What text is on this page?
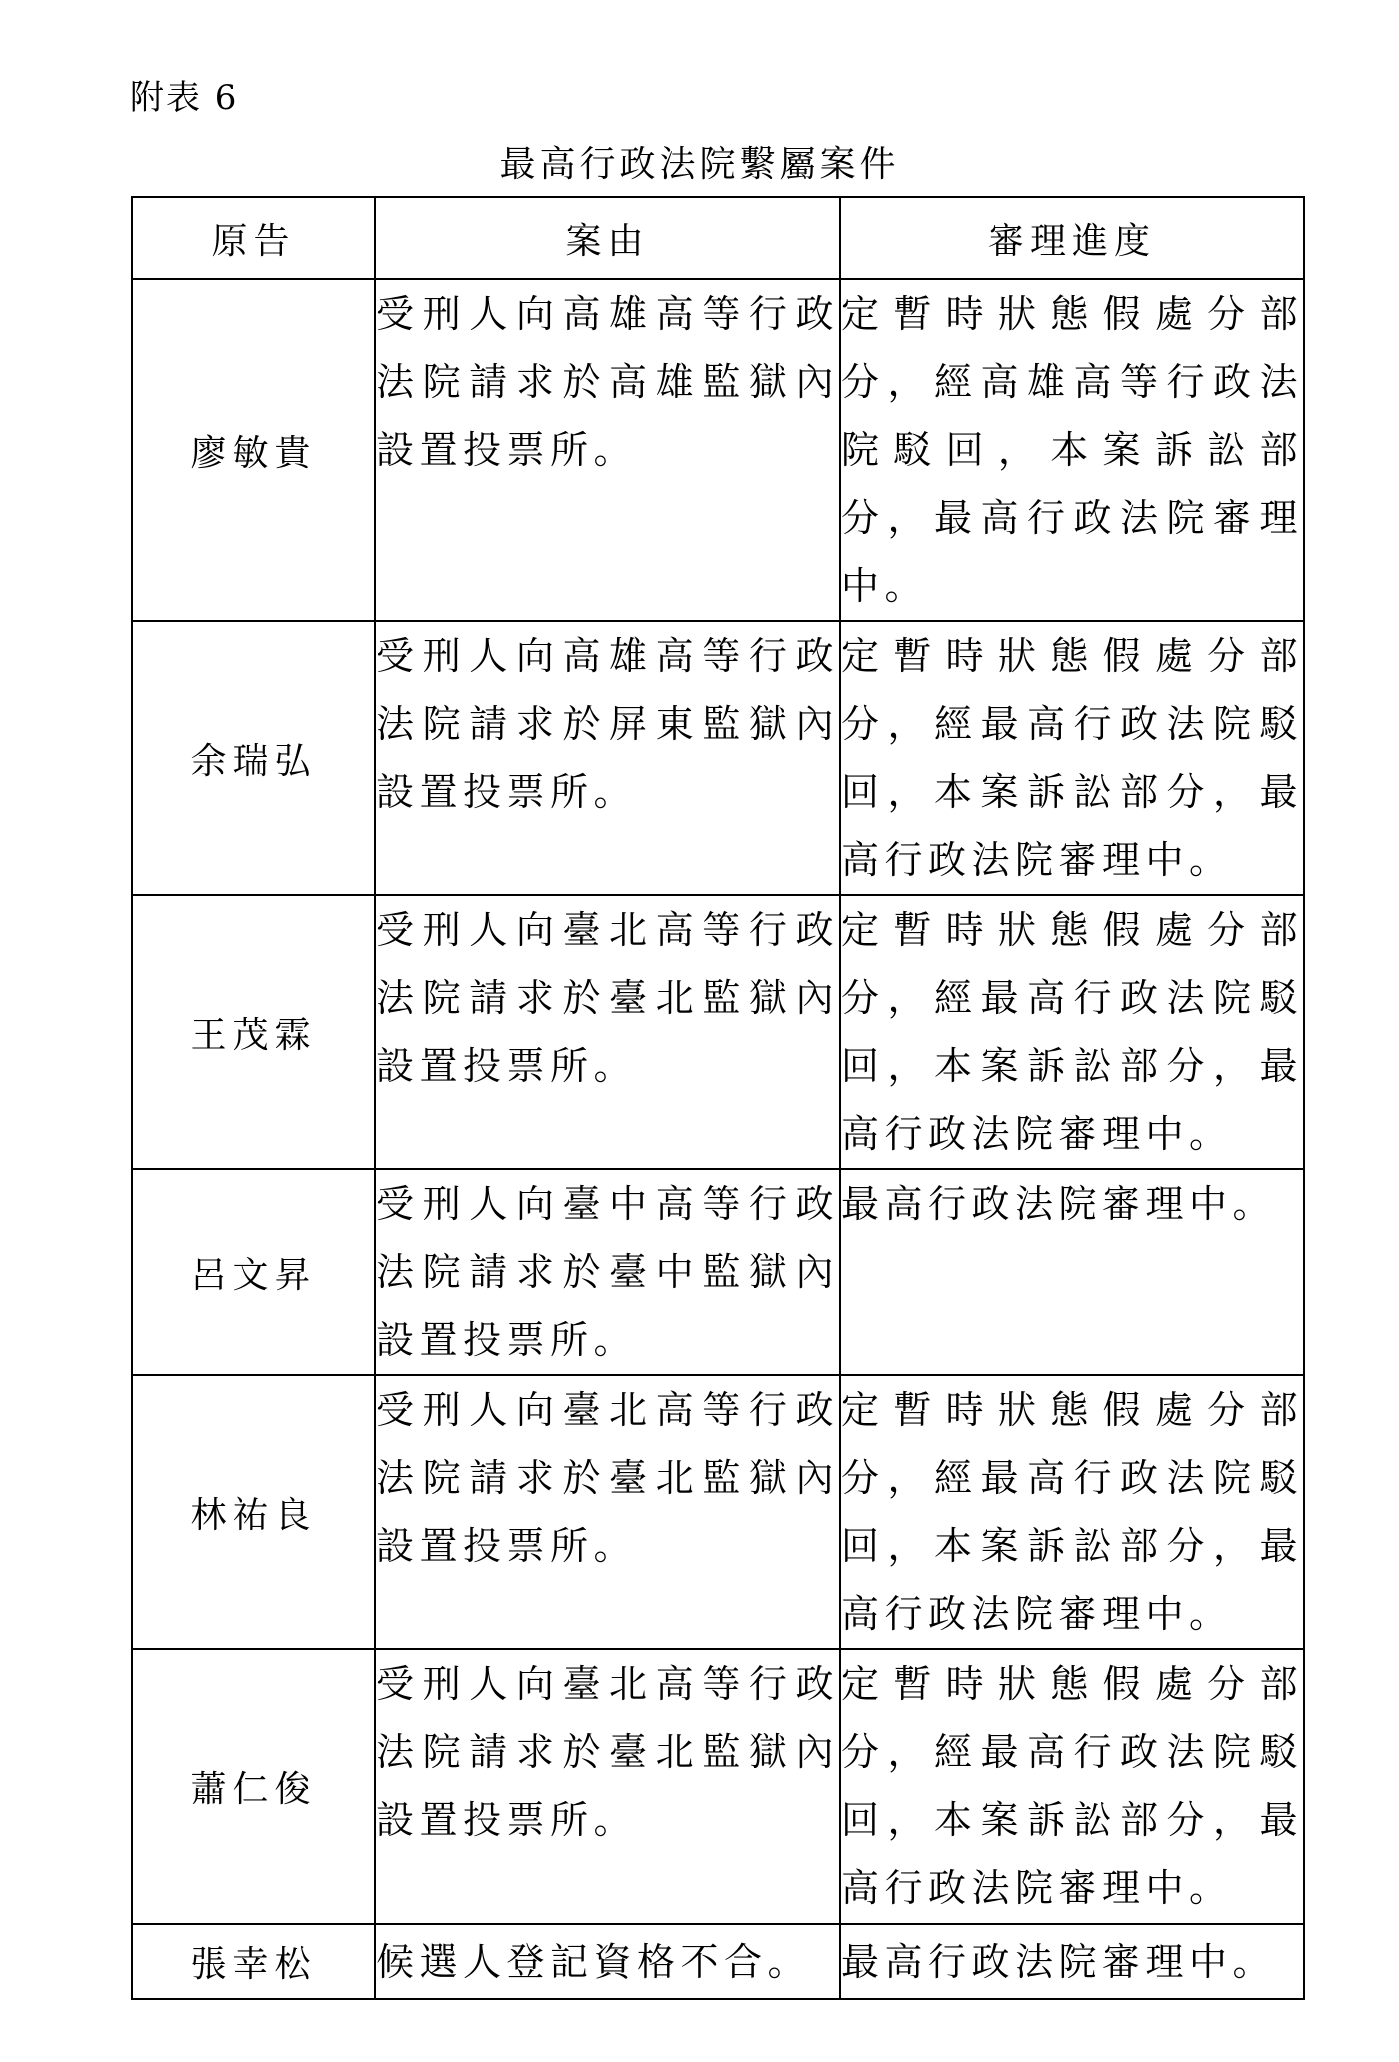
附表 6
最高行政法院繫屬案件
原告	案由	審理進度
廖敏貴	受刑人向高雄高等行政法院請求於高雄監獄內設置投票所。	定暫時狀態假處分部分，經高雄高等行政法院駁回，本案訴訟部分，最高行政法院審理中。
余瑞弘	受刑人向高雄高等行政法院請求於屏東監獄內設置投票所。	定暫時狀態假處分部分，經最高行政法院駁回，本案訴訟部分，最高行政法院審理中。
王茂霖	受刑人向臺北高等行政法院請求於臺北監獄內設置投票所。	定暫時狀態假處分部分，經最高行政法院駁回，本案訴訟部分，最高行政法院審理中。
呂文昇	受刑人向臺中高等行政法院請求於臺中監獄內設置投票所。	最高行政法院審理中。
林祐良	受刑人向臺北高等行政法院請求於臺北監獄內設置投票所。	定暫時狀態假處分部分，經最高行政法院駁回，本案訴訟部分，最高行政法院審理中。
蕭仁俊	受刑人向臺北高等行政法院請求於臺北監獄內設置投票所。	定暫時狀態假處分部分，經最高行政法院駁回，本案訴訟部分，最高行政法院審理中。
張幸松	候選人登記資格不合。	最高行政法院審理中。
